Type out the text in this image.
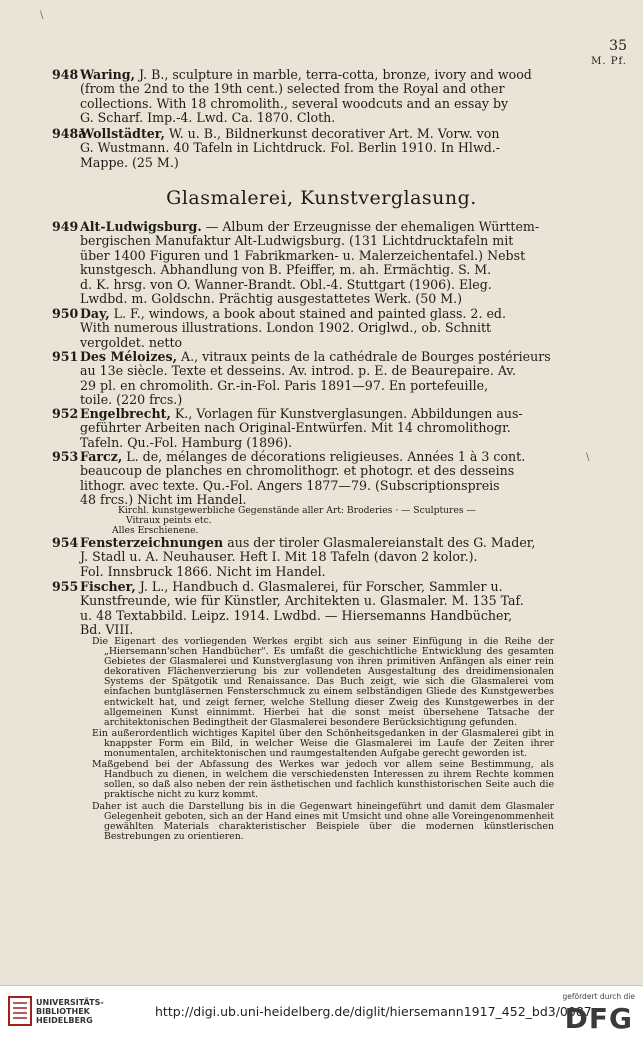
35
M. Pf.
948 Waring, J. B., sculpture in marble, terra-cotta, bronze, ivory and wood
(from the 2nd to the 19th cent.) selected from the Royal and other
collections. With 18 chromolith., several woodcuts and an essay by
G. Scharf. Imp.-4. Lwd. Ca. 1870. Cloth.
948a
Wollstädter, W. u. B., Bildnerkunst decorativer Art. M. Vorw. von
G. Wustmann. 40 Tafeln in Lichtdruck. Fol. Berlin 1910. In Hlwd.-
Mappe. (25 M.)
Glasmalerei, Kunstverglasung.
949 Alt-Ludwigsburg. — Album der Erzeugnisse der ehemaligen Württem-
bergischen Manufaktur Alt-Ludwigsburg. (131 Lichtdrucktafeln mit
über 1400 Figuren und 1 Fabrikmarken- u. Malerzeichentafel.) Nebst
kunstgesch. Abhandlung von B. Pfeiffer, m. ah. Ermächtig. S. M.
d. K. hrsg. von O. Wanner-Brandt. Obl.-4. Stuttgart (1906). Eleg.
Lwdbd. m. Goldschn. Prächtig ausgestattetes Werk. (50 M.)
950 Day, L. F., windows, a book about stained and painted glass. 2. ed.
With numerous illustrations. London 1902. Origlwd., ob. Schnitt
vergoldet. netto
951 Des Méloizes, A., vitraux peints de la cathédrale de Bourges postérieurs
au 13e siècle. Texte et desseins. Av. introd. p. E. de Beaurepaire. Av.
29 pl. en chromolith. Gr.-in-Fol. Paris 1891—97. En portefeuille,
toile. (220 frcs.)
952 Engelbrecht, K., Vorlagen für Kunstverglasungen. Abbildungen aus-
geführter Arbeiten nach Original-Entwürfen. Mit 14 chromolithogr.
Tafeln. Qu.-Fol. Hamburg (1896).
953 Farcz, L. de, mélanges de décorations religieuses. Années 1 à 3 cont.
beaucoup de planches en chromolithogr. et photogr. et des desseins
lithogr. avec texte. Qu.-Fol. Angers 1877—79. (Subscriptionspreis
48 frcs.) Nicht im Handel.
Kirchl. kunstgewerbliche Gegenstände aller Art: Broderies · — Sculptures —
Vitraux peints etc.
Alles Erschienene.
954 Fensterzeichnungen aus der tiroler Glasmalereianstalt des G. Mader,
J. Stadl u. A. Neuhauser. Heft I. Mit 18 Tafeln (davon 2 kolor.).
Fol. Innsbruck 1866. Nicht im Handel.
955 Fischer, J. L., Handbuch d. Glasmalerei, für Forscher, Sammler u.
Kunstfreunde, wie für Künstler, Architekten u. Glasmaler. M. 135 Taf.
u. 48 Textabbild. Leipz. 1914. Lwdbd. — Hiersemanns Handbücher,
Bd. VIII.

Die Eigenart des vorliegenden Werkes ergibt sich aus seiner Einfügung in die Reihe der „Hiersemann'schen Handbücher". Es umfaßt die geschichtliche Entwicklung des gesamten Gebietes der Glasmalerei und Kunstverglasung von ihren primitiven Anfängen als einer rein dekorativen Flächenverzierung bis zur vollendeten Ausgestaltung des dreidimensionalen Systems der Spätgotik und Renaissance. Das Buch zeigt, wie sich die Glasmalerei vom einfachen buntgläsernen Fensterschmuck zu einem selbständigen Gliede des Kunstgewerbes entwickelt hat, und zeigt ferner, welche Stellung dieser Zweig des Kunstgewerbes in der allgemeinen Kunst einnimmt. Hierbei hat die sonst meist übersehene Tatsache der architektonischen Bedingtheit der Glasmalerei besondere Berücksichtigung gefunden.

Ein außerordentlich wichtiges Kapitel über den Schönheitsgedanken in der Glasmalerei gibt in knappster Form ein Bild, in welcher Weise die Glasmalerei im Laufe der Zeiten ihrer monumentalen, architektonischen und raumgestaltenden Aufgabe gerecht geworden ist.

Maßgebend bei der Abfassung des Werkes war jedoch vor allem seine Bestimmung, als Handbuch zu dienen, in welchem die verschiedensten Interessen zu ihrem Rechte kommen sollen, so daß also neben der rein ästhetischen und fachlich kunsthistorischen Seite auch die praktische nicht zu kurz kommt.

Daher ist auch die Darstellung bis in die Gegenwart hineingeführt und damit dem Glasmaler Gelegenheit geboten, sich an der Hand eines mit Umsicht und ohne alle Voreingenommenheit gewählten Materials charakteristischer Beispiele über die modernen künstlerischen Bestrebungen zu orientieren.

\
\
UNIVERSITÄTS-
BIBLIOTHEK
HEIDELBERG
http://digi.ub.uni-heidelberg.de/diglit/hiersemann1917_452_bd3/0087
gefördert durch die
DFG
